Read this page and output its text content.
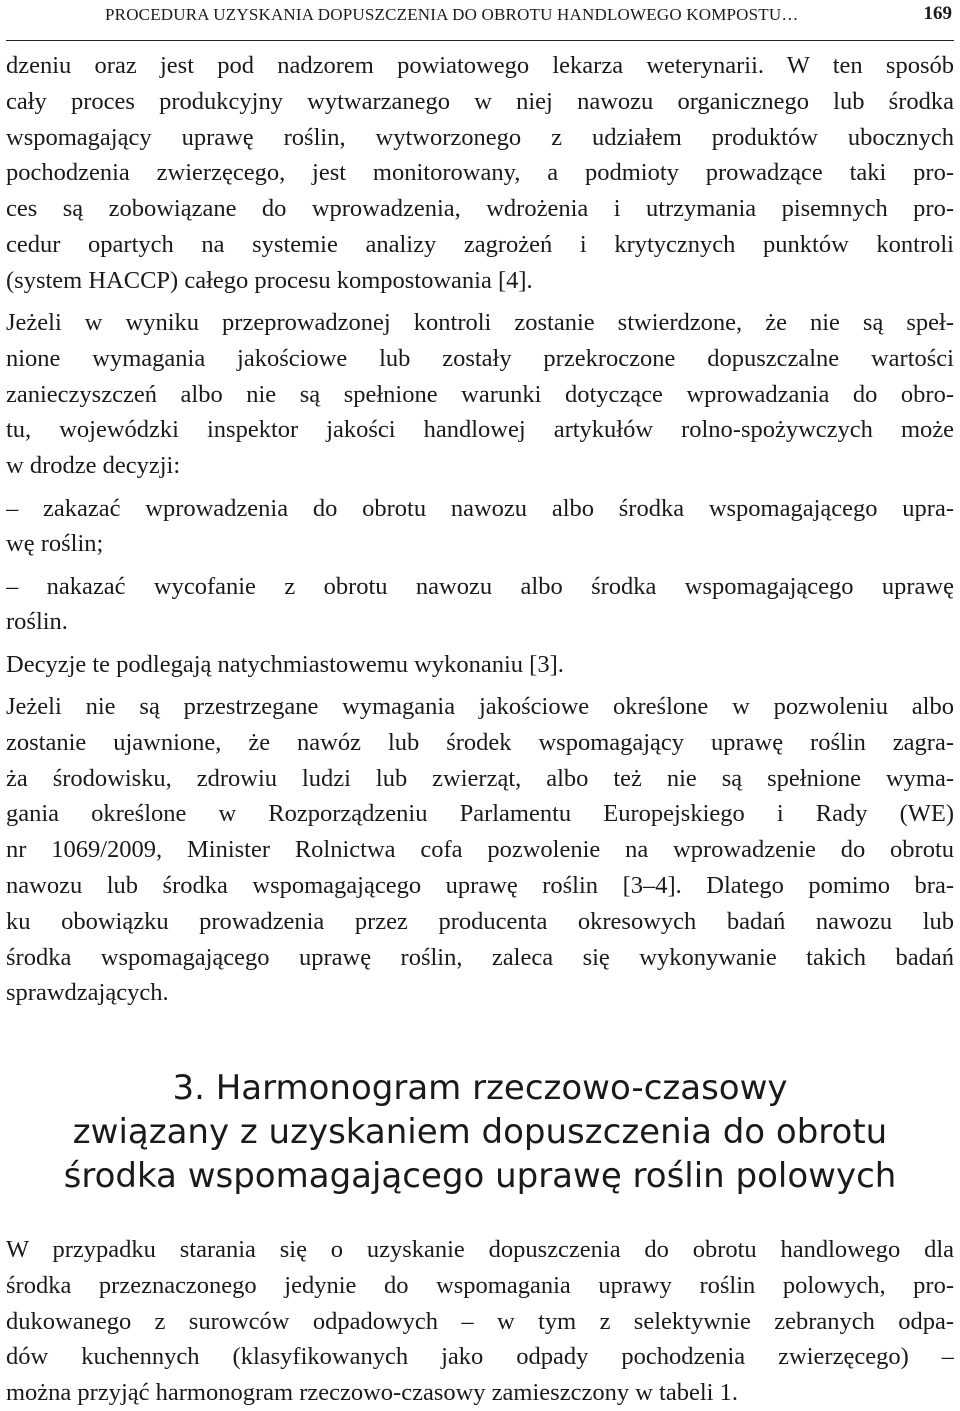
PROCEDURA UZYSKANIA DOPUSZCZENIA DO OBROTU HANDLOWEGO KOMPOSTU…	169

dzeniu oraz jest pod nadzorem powiatowego lekarza weterynarii. W ten sposób
cały proces produkcyjny wytwarzanego w niej nawozu organicznego lub środka
wspomagający uprawę roślin, wytworzonego z udziałem produktów ubocznych
pochodzenia zwierzęcego, jest monitorowany, a podmioty prowadzące taki pro-
ces są zobowiązane do wprowadzenia, wdrożenia i utrzymania pisemnych pro-
cedur opartych na systemie analizy zagrożeń i krytycznych punktów kontroli
(system HACCP) całego procesu kompostowania [4].

Jeżeli w wyniku przeprowadzonej kontroli zostanie stwierdzone, że nie są speł-
nione wymagania jakościowe lub zostały przekroczone dopuszczalne wartości
zanieczyszczeń albo nie są spełnione warunki dotyczące wprowadzania do obro-
tu, wojewódzki inspektor jakości handlowej artykułów rolno-spożywczych może
w drodze decyzji:

– zakazać wprowadzenia do obrotu nawozu albo środka wspomagającego upra-
wę roślin;

– nakazać wycofanie z obrotu nawozu albo środka wspomagającego uprawę
roślin.

Decyzje te podlegają natychmiastowemu wykonaniu [3].

Jeżeli nie są przestrzegane wymagania jakościowe określone w pozwoleniu albo
zostanie ujawnione, że nawóz lub środek wspomagający uprawę roślin zagra-
ża środowisku, zdrowiu ludzi lub zwierząt, albo też nie są spełnione wyma-
gania określone w Rozporządzeniu Parlamentu Europejskiego i Rady (WE)
nr 1069/2009, Minister Rolnictwa cofa pozwolenie na wprowadzenie do obrotu
nawozu lub środka wspomagającego uprawę roślin [3–4]. Dlatego pomimo bra-
ku obowiązku prowadzenia przez producenta okresowych badań nawozu lub
środka wspomagającego uprawę roślin, zaleca się wykonywanie takich badań
sprawdzających.

3. Harmonogram rzeczowo-czasowy
związany z uzyskaniem dopuszczenia do obrotu
środka wspomagającego uprawę roślin polowych

W przypadku starania się o uzyskanie dopuszczenia do obrotu handlowego dla
środka przeznaczonego jedynie do wspomagania uprawy roślin polowych, pro-
dukowanego z surowców odpadowych – w tym z selektywnie zebranych odpa-
dów kuchennych (klasyfikowanych jako odpady pochodzenia zwierzęcego) –
można przyjąć harmonogram rzeczowo-czasowy zamieszczony w tabeli 1.
